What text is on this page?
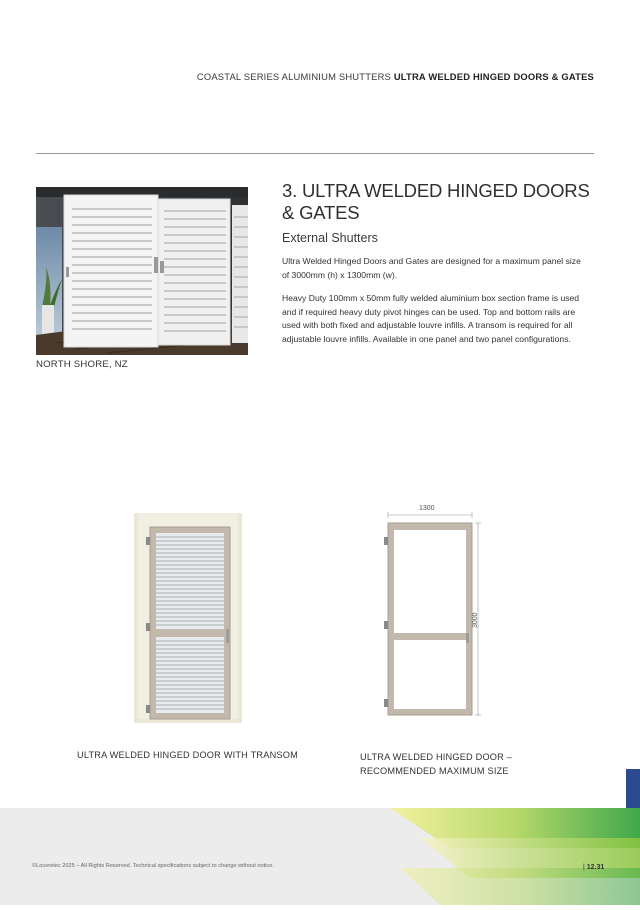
COASTAL SERIES ALUMINIUM SHUTTERS ULTRA WELDED HINGED DOORS & GATES
NORTH SHORE, NZ
3. ULTRA WELDED HINGED DOORS & GATES
External Shutters
Ultra Welded Hinged Doors and Gates are designed for a maximum panel size of 3000mm (h) x 1300mm (w).
Heavy Duty 100mm x 50mm fully welded aluminium box section frame is used and if required heavy duty pivot hinges can be used. Top and bottom rails are used with both fixed and adjustable louvre infills. A transom is required for all adjustable louvre infills. Available in one panel and two panel configurations.
ULTRA WELDED HINGED DOOR WITH TRANSOM
1300
3000
ULTRA WELDED HINGED DOOR –
RECOMMENDED MAXIMUM SIZE
©Louvretec 2025 – All Rights Reserved. Technical specifications subject to change without notice.	| 12.31
